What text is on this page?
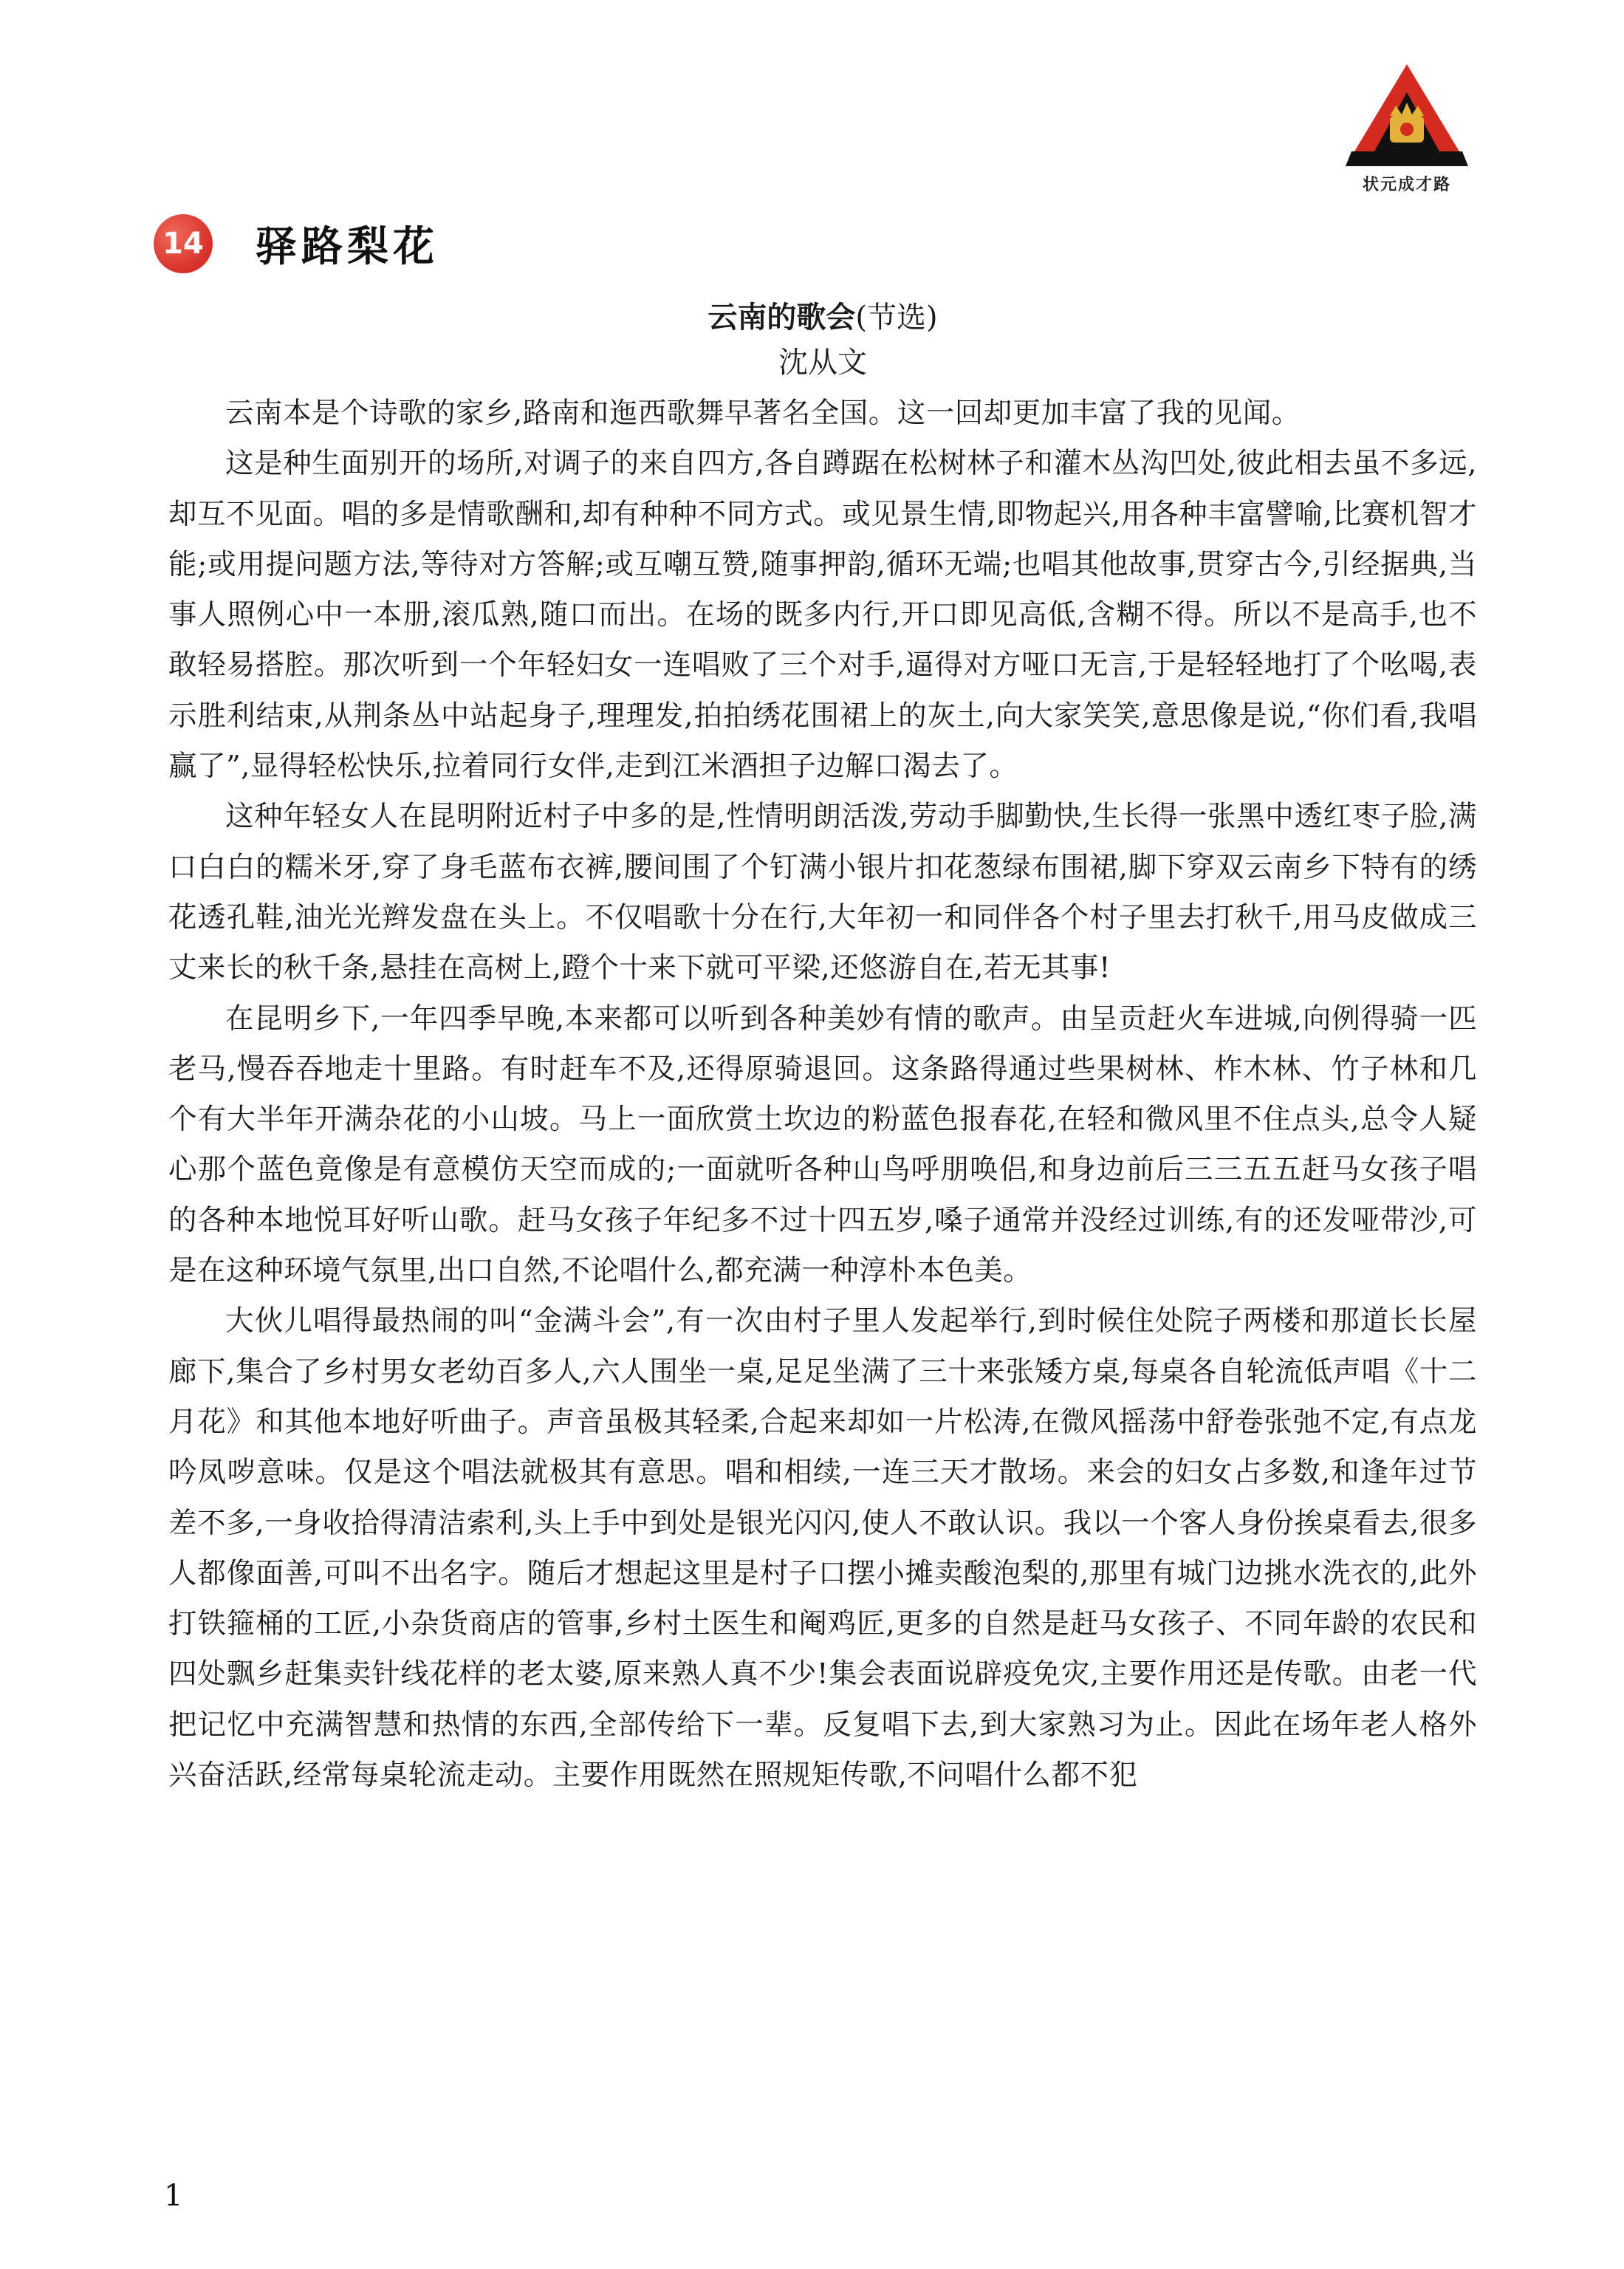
状元成才路
14 驿路梨花

云南的歌会(节选)

沈从文

云南本是个诗歌的家乡,路南和迤西歌舞早著名全国。这一回却更加丰富了我的见闻。

这是种生面别开的场所,对调子的来自四方,各自蹲踞在松树林子和灌木丛沟凹处,彼此相去虽不多远,却互不见面。唱的多是情歌酬和,却有种种不同方式。或见景生情,即物起兴,用各种丰富譬喻,比赛机智才能;或用提问题方法,等待对方答解;或互嘲互赞,随事押韵,循环无端;也唱其他故事,贯穿古今,引经据典,当事人照例心中一本册,滚瓜熟,随口而出。在场的既多内行,开口即见高低,含糊不得。所以不是高手,也不敢轻易搭腔。那次听到一个年轻妇女一连唱败了三个对手,逼得对方哑口无言,于是轻轻地打了个吆喝,表示胜利结束,从荆条丛中站起身子,理理发,拍拍绣花围裙上的灰土,向大家笑笑,意思像是说,“你们看,我唱赢了”,显得轻松快乐,拉着同行女伴,走到江米酒担子边解口渴去了。

这种年轻女人在昆明附近村子中多的是,性情明朗活泼,劳动手脚勤快,生长得一张黑中透红枣子脸,满口白白的糯米牙,穿了身毛蓝布衣裤,腰间围了个钉满小银片扣花葱绿布围裙,脚下穿双云南乡下特有的绣花透孔鞋,油光光辫发盘在头上。不仅唱歌十分在行,大年初一和同伴各个村子里去打秋千,用马皮做成三丈来长的秋千条,悬挂在高树上,蹬个十来下就可平梁,还悠游自在,若无其事!

在昆明乡下,一年四季早晚,本来都可以听到各种美妙有情的歌声。由呈贡赶火车进城,向例得骑一匹老马,慢吞吞地走十里路。有时赶车不及,还得原骑退回。这条路得通过些果树林、柞木林、竹子林和几个有大半年开满杂花的小山坡。马上一面欣赏土坎边的粉蓝色报春花,在轻和微风里不住点头,总令人疑心那个蓝色竟像是有意模仿天空而成的;一面就听各种山鸟呼朋唤侣,和身边前后三三五五赶马女孩子唱的各种本地悦耳好听山歌。赶马女孩子年纪多不过十四五岁,嗓子通常并没经过训练,有的还发哑带沙,可是在这种环境气氛里,出口自然,不论唱什么,都充满一种淳朴本色美。

大伙儿唱得最热闹的叫“金满斗会”,有一次由村子里人发起举行,到时候住处院子两楼和那道长长屋廊下,集合了乡村男女老幼百多人,六人围坐一桌,足足坐满了三十来张矮方桌,每桌各自轮流低声唱《十二月花》和其他本地好听曲子。声音虽极其轻柔,合起来却如一片松涛,在微风摇荡中舒卷张弛不定,有点龙吟凤哕意味。仅是这个唱法就极其有意思。唱和相续,一连三天才散场。来会的妇女占多数,和逢年过节差不多,一身收拾得清洁索利,头上手中到处是银光闪闪,使人不敢认识。我以一个客人身份挨桌看去,很多人都像面善,可叫不出名字。随后才想起这里是村子口摆小摊卖酸泡梨的,那里有城门边挑水洗衣的,此外打铁箍桶的工匠,小杂货商店的管事,乡村土医生和阉鸡匠,更多的自然是赶马女孩子、不同年龄的农民和四处飘乡赶集卖针线花样的老太婆,原来熟人真不少!集会表面说辟疫免灾,主要作用还是传歌。由老一代把记忆中充满智慧和热情的东西,全部传给下一辈。反复唱下去,到大家熟习为止。因此在场年老人格外兴奋活跃,经常每桌轮流走动。主要作用既然在照规矩传歌,不问唱什么都不犯

1
